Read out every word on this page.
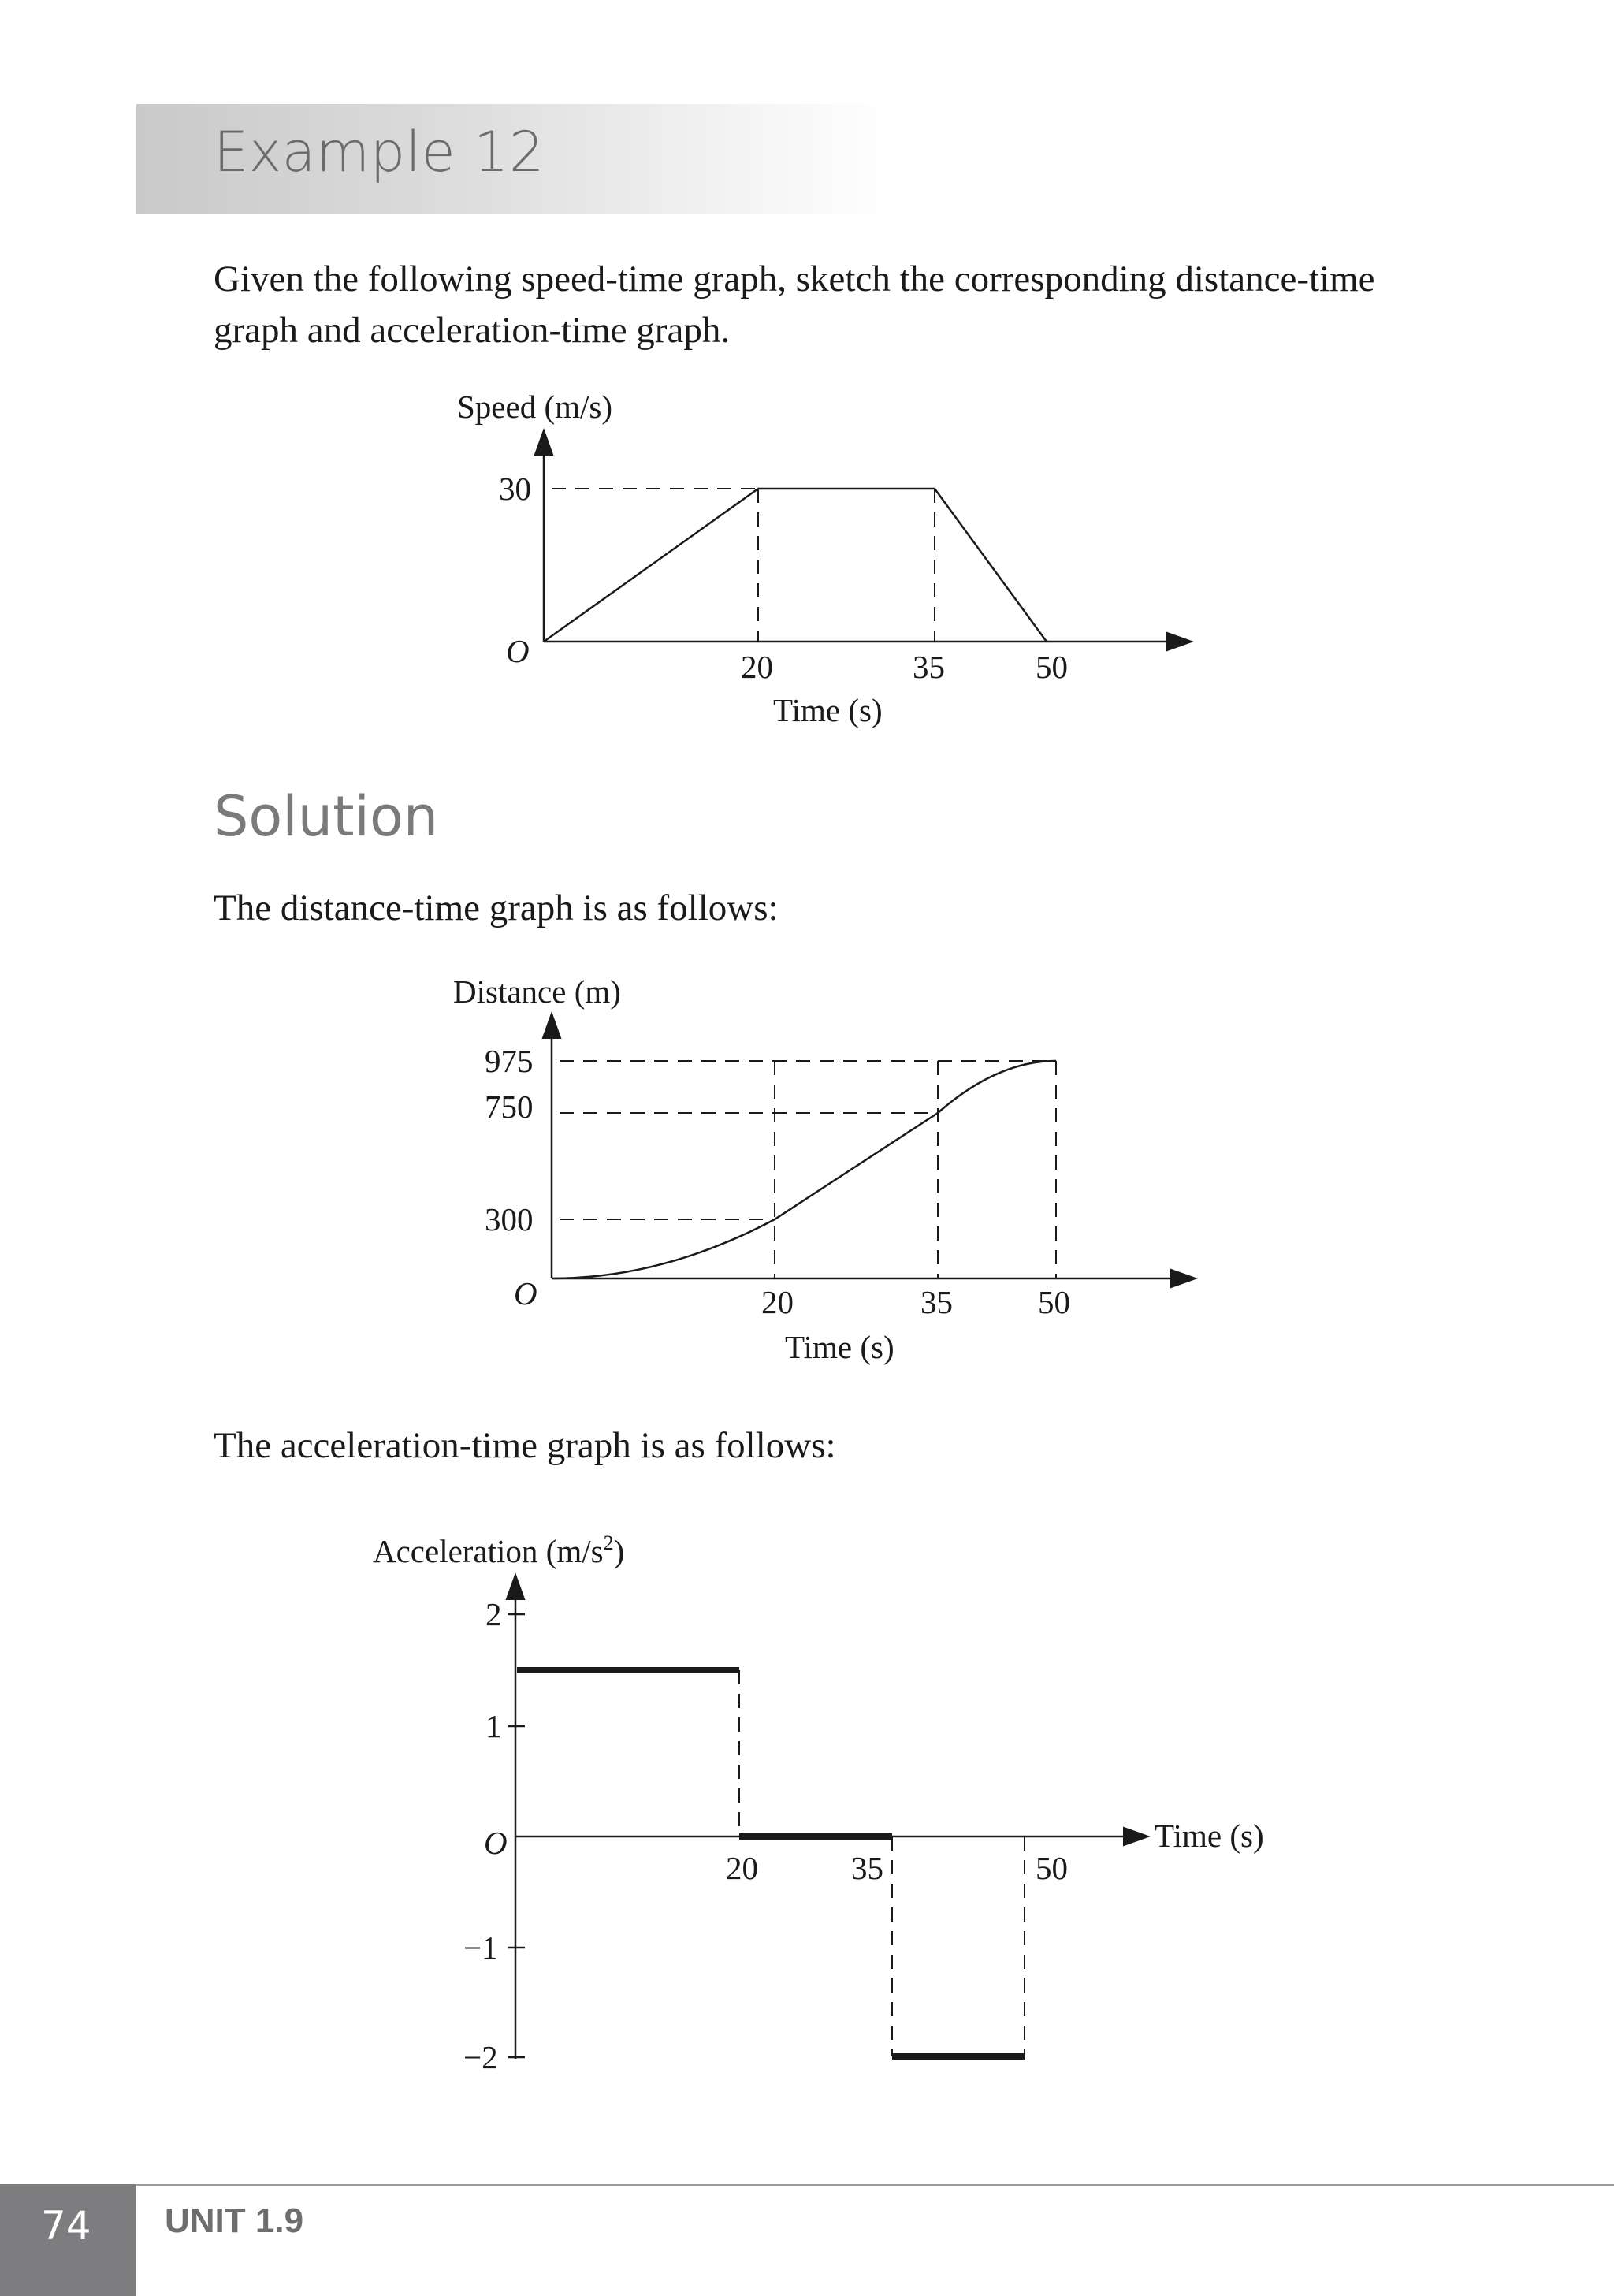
Example 12

Given the following speed-time graph, sketch the corresponding distance-time

graph and acceleration-time graph.

Speed (m/s)
O
30
20	35	50
Time (s)
Solution

The distance-time graph is as follows:

Distance (m)
O
975
750
300
20	35	50
Time (s)

The acceleration-time graph is as follows:

Acceleration $(m/s^2)$
2
1
O
−1
−2
20	35	50
Time (s)
74 UNIT 1.9
